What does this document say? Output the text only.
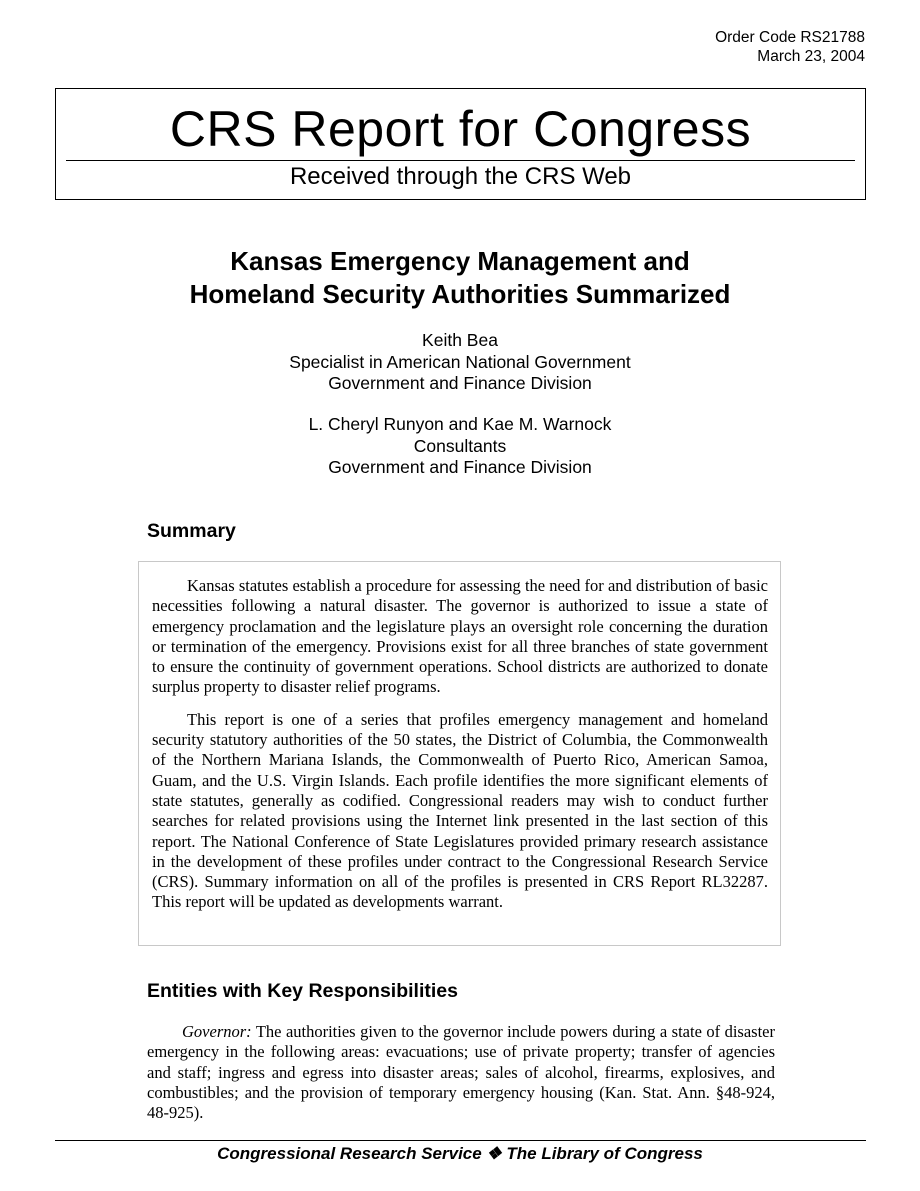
Order Code RS21788
March 23, 2004
CRS Report for Congress
Received through the CRS Web
Kansas Emergency Management and
Homeland Security Authorities Summarized
Keith Bea
Specialist in American National Government
Government and Finance Division
L. Cheryl Runyon and Kae M. Warnock
Consultants
Government and Finance Division
Summary

Kansas statutes establish a procedure for assessing the need for and distribution of basic necessities following a natural disaster. The governor is authorized to issue a state of emergency proclamation and the legislature plays an oversight role concerning the duration or termination of the emergency. Provisions exist for all three branches of state government to ensure the continuity of government operations. School districts are authorized to donate surplus property to disaster relief programs.

This report is one of a series that profiles emergency management and homeland security statutory authorities of the 50 states, the District of Columbia, the Commonwealth of the Northern Mariana Islands, the Commonwealth of Puerto Rico, American Samoa, Guam, and the U.S. Virgin Islands. Each profile identifies the more significant elements of state statutes, generally as codified. Congressional readers may wish to conduct further searches for related provisions using the Internet link presented in the last section of this report. The National Conference of State Legislatures provided primary research assistance in the development of these profiles under contract to the Congressional Research Service (CRS). Summary information on all of the profiles is presented in CRS Report RL32287. This report will be updated as developments warrant.

Entities with Key Responsibilities

Governor: The authorities given to the governor include powers during a state of disaster emergency in the following areas: evacuations; use of private property; transfer of agencies and staff; ingress and egress into disaster areas; sales of alcohol, firearms, explosives, and combustibles; and the provision of temporary emergency housing (Kan. Stat. Ann. §48-924, 48-925).

Congressional Research Service ❖ The Library of Congress
